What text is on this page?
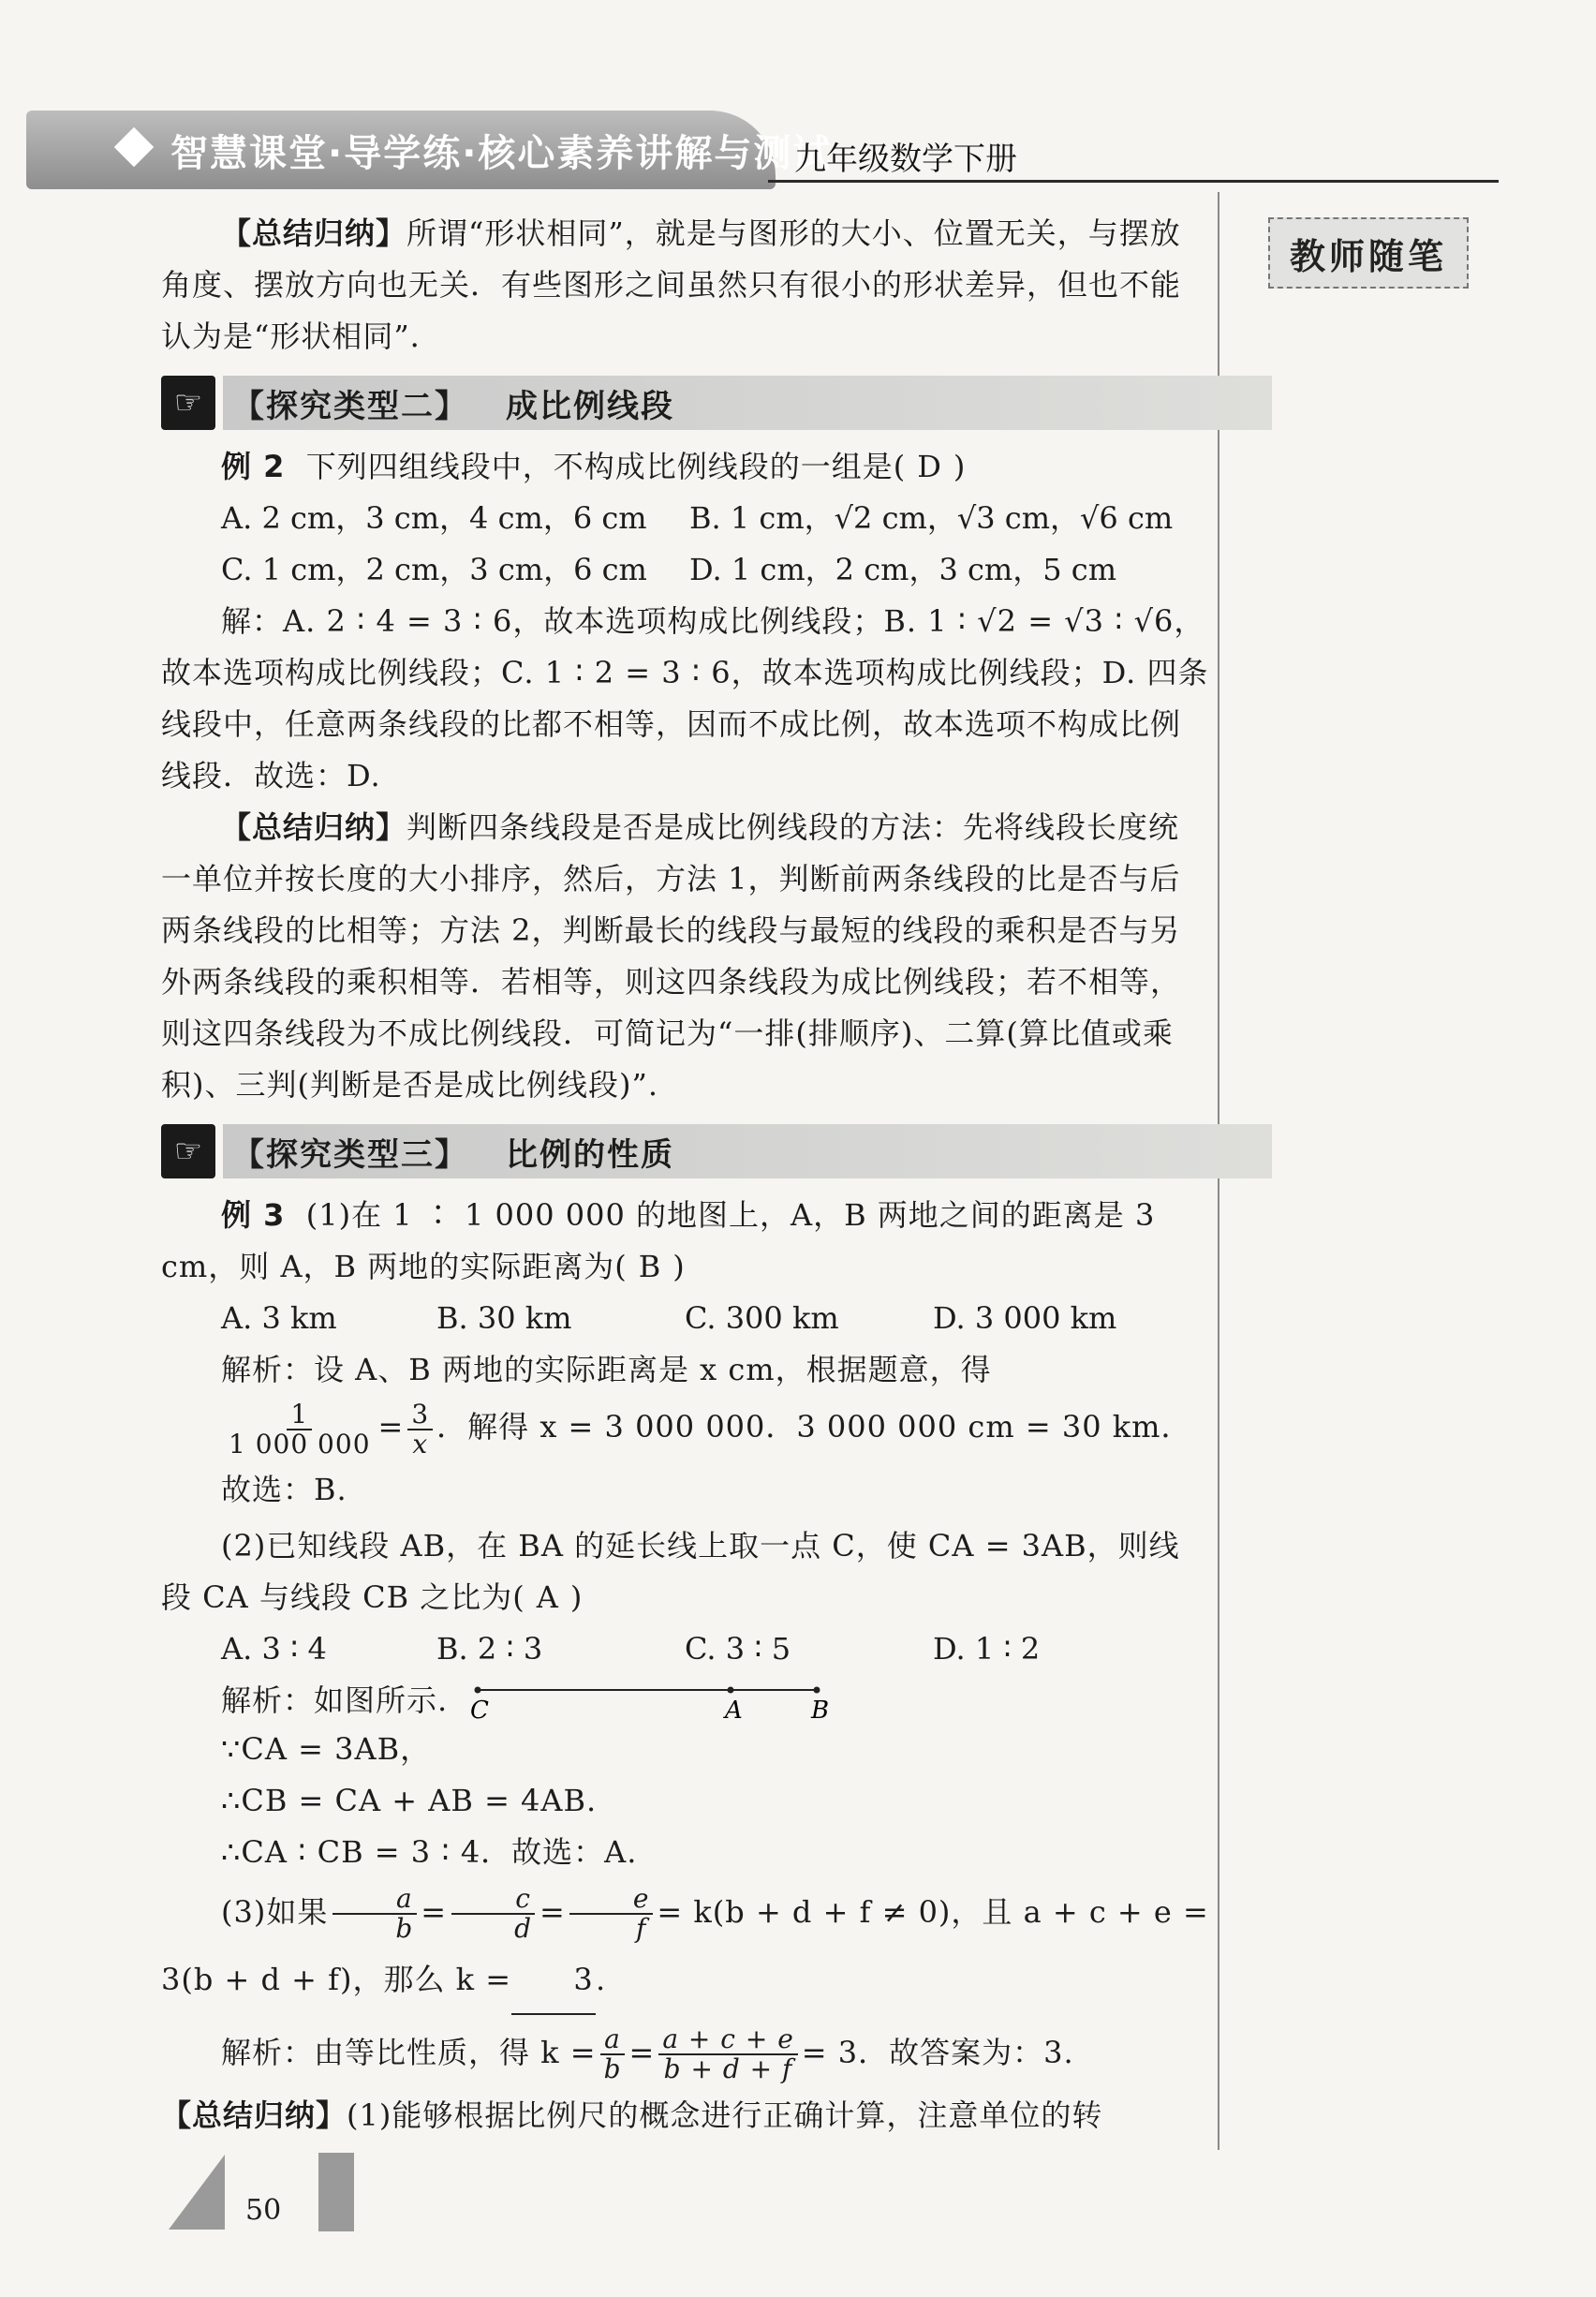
智慧课堂·导学练·核心素养讲解与测试
九年级数学下册
教师随笔

【总结归纳】所谓“形状相同”，就是与图形的大小、位置无关，与摆放角度、摆放方向也无关．有些图形之间虽然只有很小的形状差异，但也不能认为是“形状相同”．

☞ 【探究类型二】 成比例线段

例 2 下列四组线段中，不构成比例线段的一组是( D )

A. 2 cm，3 cm，4 cm，6 cm	B. 1 cm，√2 cm，√3 cm，√6 cm
C. 1 cm，2 cm，3 cm，6 cm	D. 1 cm，2 cm，3 cm，5 cm

解：A. 2 ∶ 4 = 3 ∶ 6，故本选项构成比例线段；B. 1 ∶ √2 = √3 ∶ √6，故本选项构成比例线段；C. 1 ∶ 2 = 3 ∶ 6，故本选项构成比例线段；D. 四条线段中，任意两条线段的比都不相等，因而不成比例，故本选项不构成比例线段．故选：D.

【总结归纳】判断四条线段是否是成比例线段的方法：先将线段长度统一单位并按长度的大小排序，然后，方法 1，判断前两条线段的比是否与后两条线段的比相等；方法 2，判断最长的线段与最短的线段的乘积是否与另外两条线段的乘积相等．若相等，则这四条线段为成比例线段；若不相等，则这四条线段为不成比例线段．可简记为“一排(排顺序)、二算(算比值或乘积)、三判(判断是否是成比例线段)”.

☞ 【探究类型三】 比例的性质

例 3 (1)在 1 ∶ 1 000 000 的地图上，A，B 两地之间的距离是 3 cm，则 A，B 两地的实际距离为( B )

A. 3 km	B. 30 km	C. 300 km	D. 3 000 km

解析：设 A、B 两地的实际距离是 x cm，根据题意，得

$\frac{1}{1 000 000} = \frac{3}{x}$ ．解得 x = 3 000 000．3 000 000 cm = 30 km．故选：B.

(2)已知线段 AB，在 BA 的延长线上取一点 C，使 CA = 3AB，则线段 CA 与线段 CB 之比为( A )

A. 3 ∶ 4	B. 2 ∶ 3	C. 3 ∶ 5	D. 1 ∶ 2

解析：如图所示. C	A	B

∵CA = 3AB，

∴CB = CA + AB = 4AB.

∴CA ∶ CB = 3 ∶ 4．故选：A.

(3)如果 $\frac{a}{b} = \frac{c}{d} = \frac{e}{f} = k(b + d + f \ne 0)$，且 a + c + e = 3(b + d + f)，那么 k = 3.

解析：由等比性质，得 $k = \frac{a}{b} = \frac{a + c + e}{b + d + f} = 3$．故答案为：3.

【总结归纳】(1)能够根据比例尺的概念进行正确计算，注意单位的转

50
